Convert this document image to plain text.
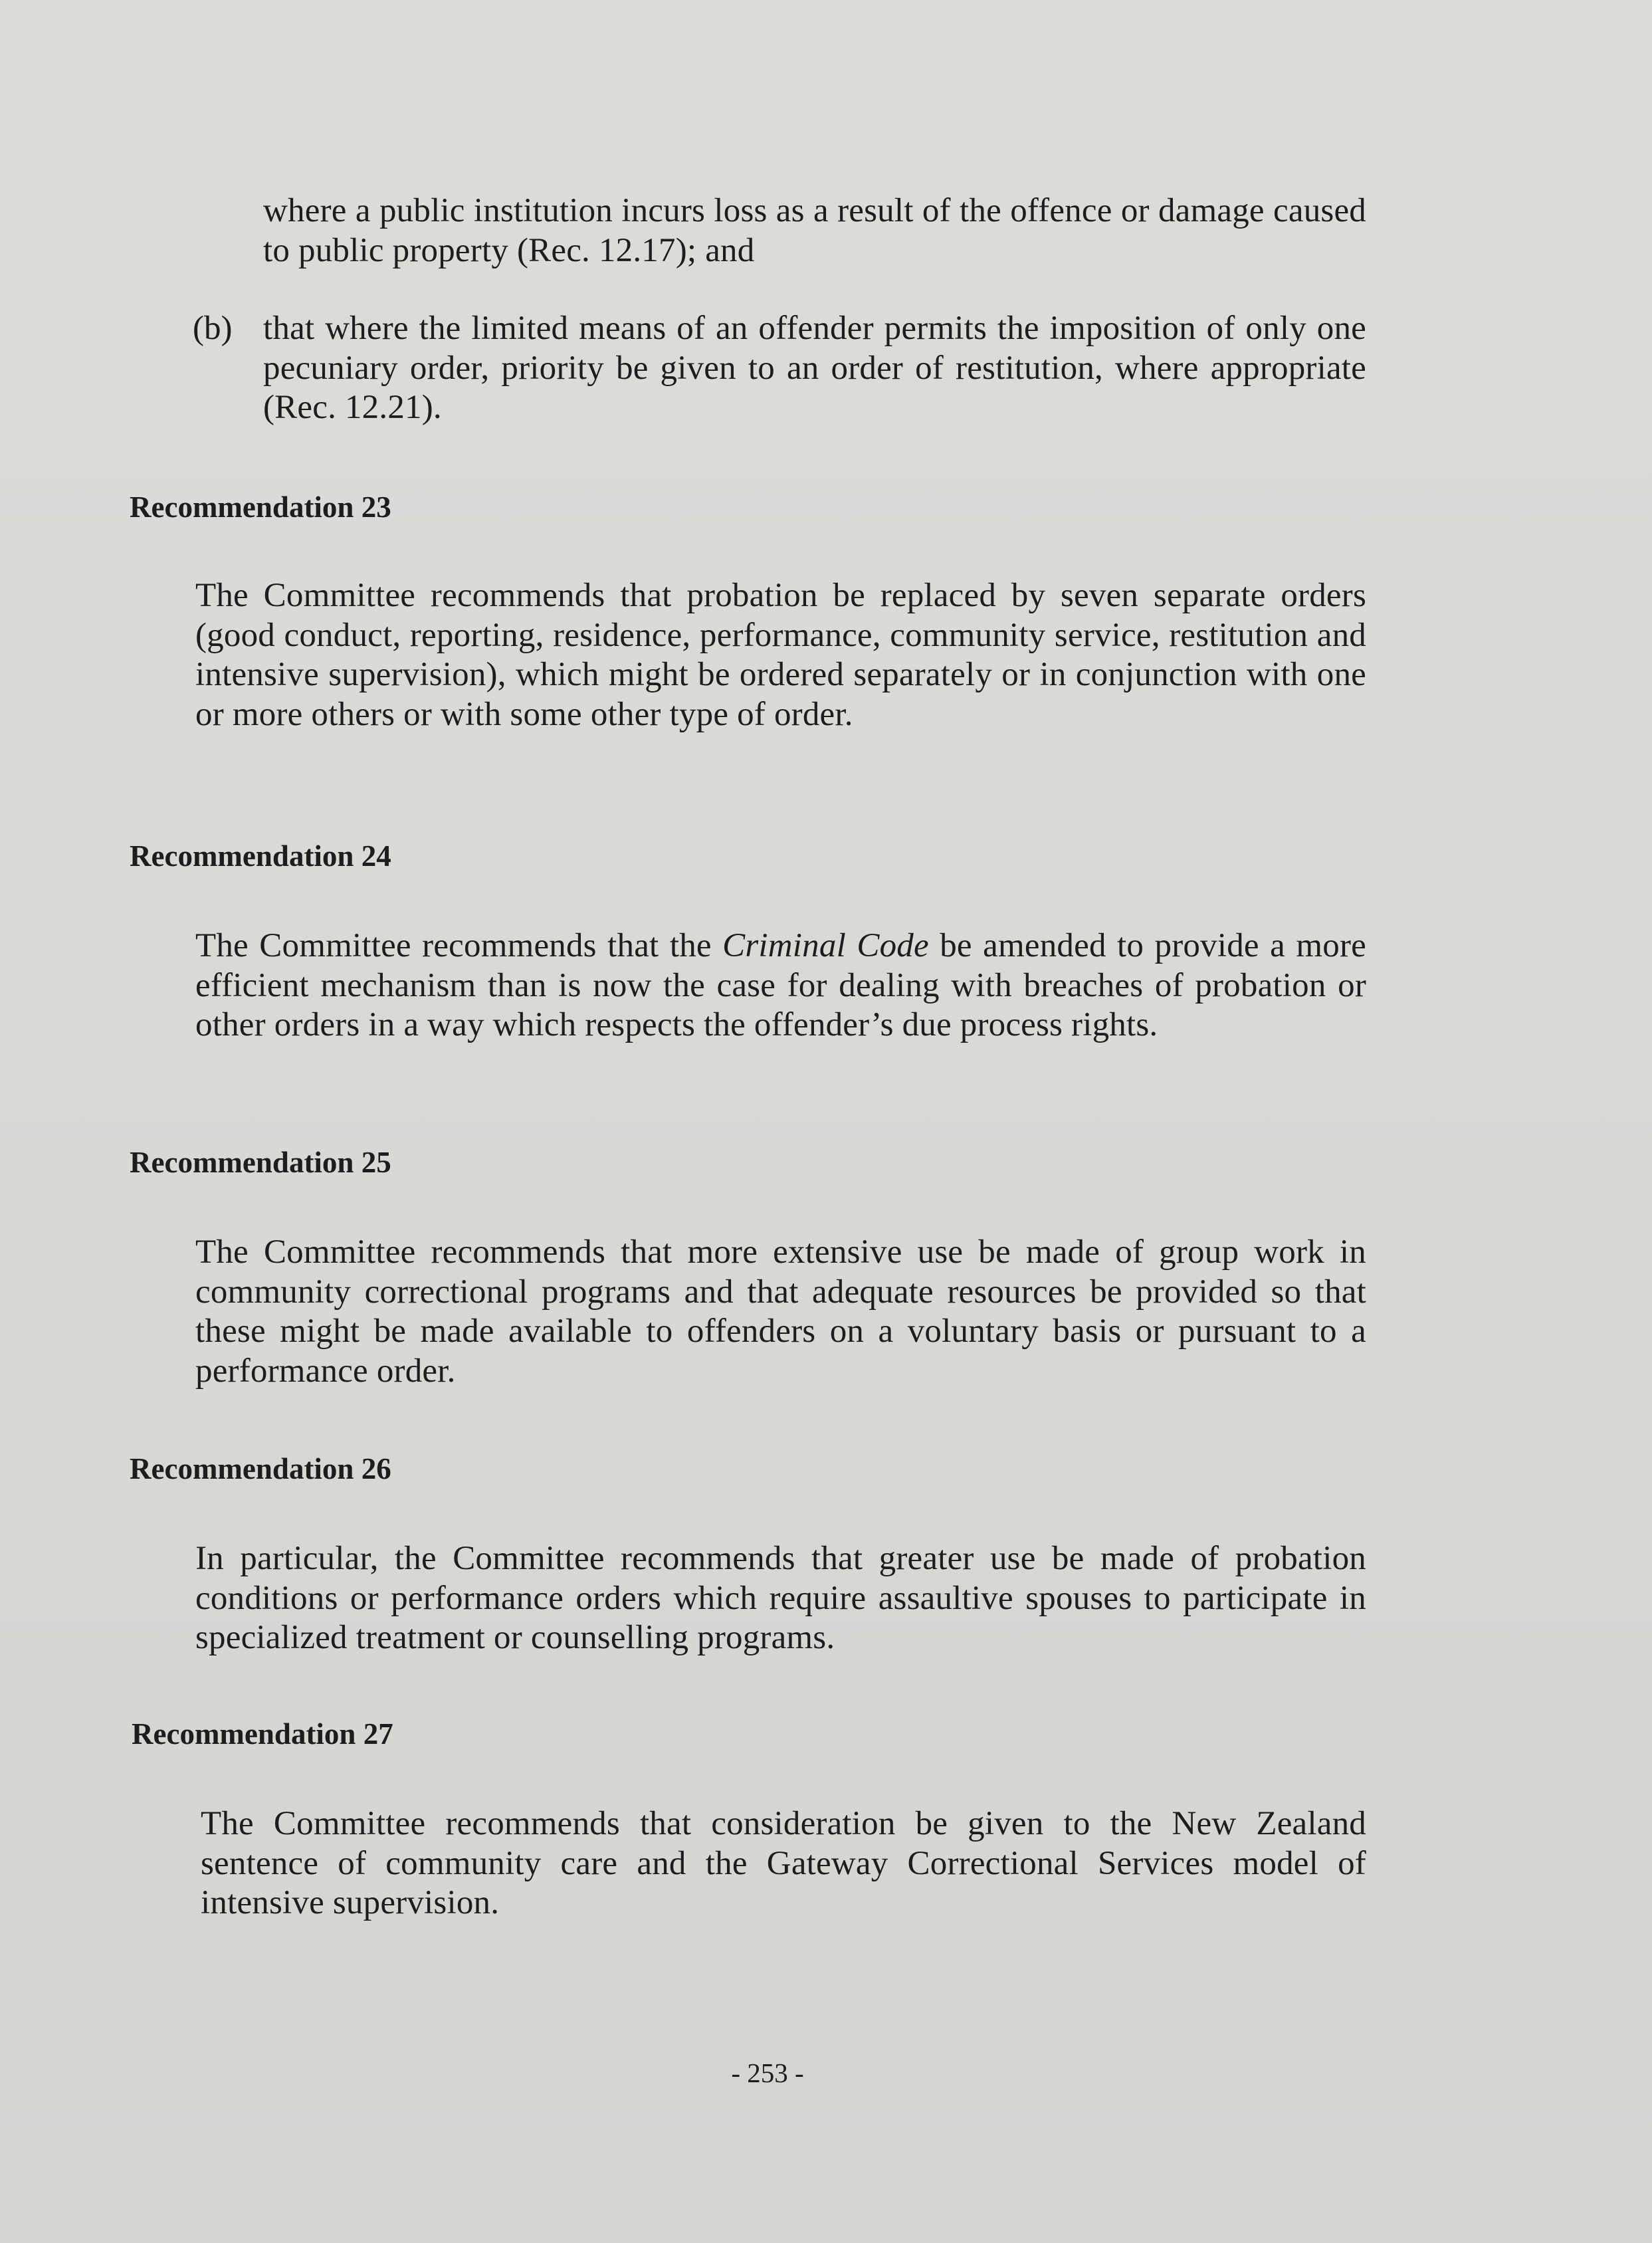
where a public institution incurs loss as a result of the offence or damage caused to public property (Rec. 12.17); and

(b) that where the limited means of an offender permits the imposition of only one pecuniary order, priority be given to an order of restitution, where appropriate (Rec. 12.21).

Recommendation 23

The Committee recommends that probation be replaced by seven separate orders (good conduct, reporting, residence, performance, community service, restitution and intensive supervision), which might be ordered separately or in conjunction with one or more others or with some other type of order.

Recommendation 24

The Committee recommends that the Criminal Code be amended to provide a more efficient mechanism than is now the case for dealing with breaches of probation or other orders in a way which respects the offender’s due process rights.

Recommendation 25

The Committee recommends that more extensive use be made of group work in community correctional programs and that adequate resources be provided so that these might be made available to offenders on a voluntary basis or pursuant to a performance order.

Recommendation 26

In particular, the Committee recommends that greater use be made of probation conditions or performance orders which require assaultive spouses to participate in specialized treatment or counselling programs.

Recommendation 27

The Committee recommends that consideration be given to the New Zealand sentence of community care and the Gateway Correctional Services model of intensive supervision.

- 253 -
